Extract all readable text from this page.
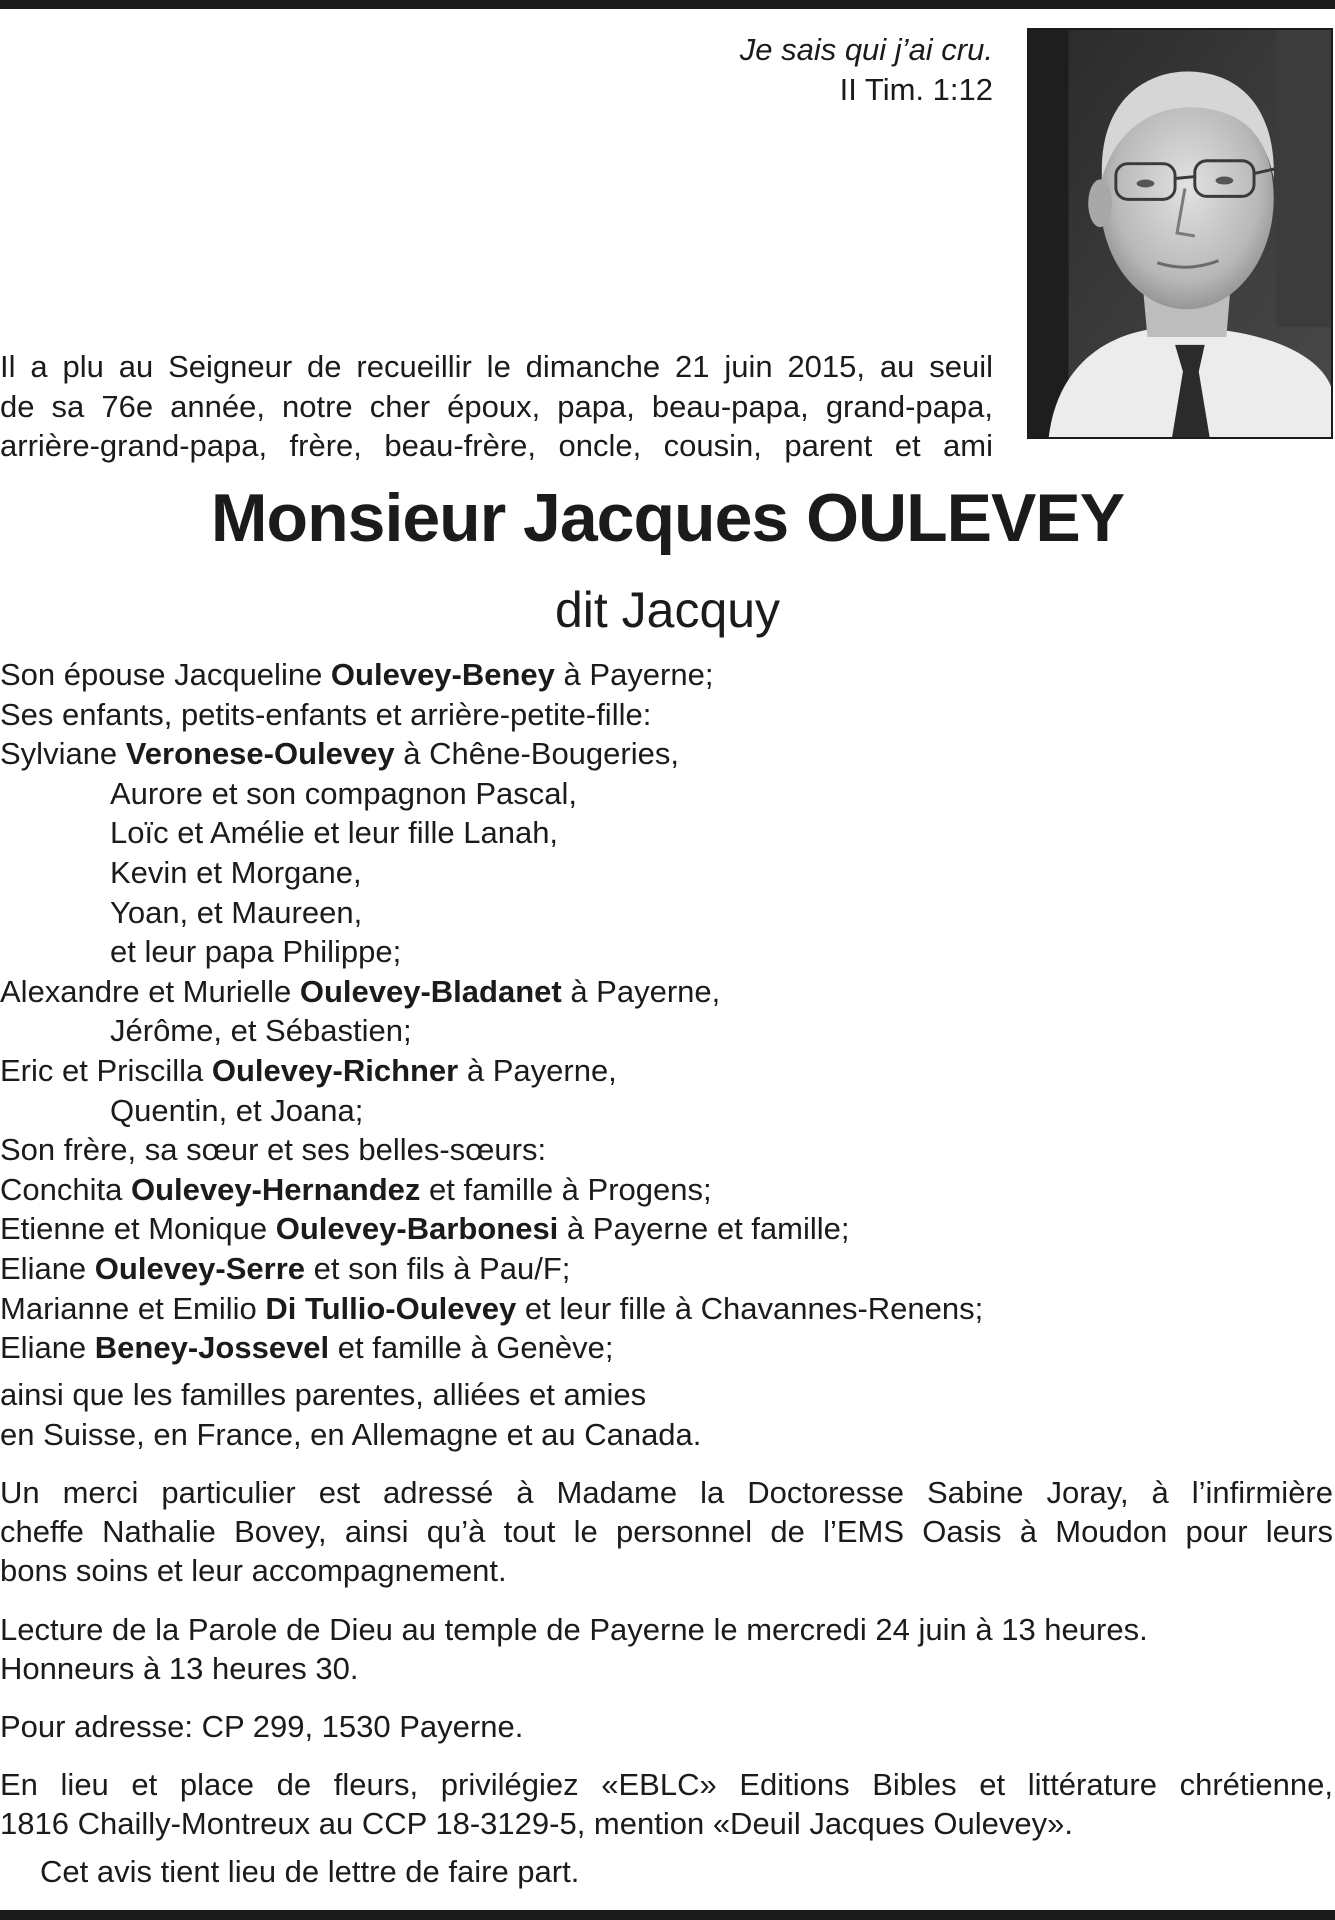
Je sais qui j’ai cru.
II Tim. 1:12
Il a plu au Seigneur de recueillir le dimanche 21 juin 2015, au seuil
de sa 76e année, notre cher époux, papa, beau-papa, grand-papa,
arrière-grand-papa, frère, beau-frère, oncle, cousin, parent et ami
Monsieur Jacques OULEVEY
dit Jacquy
Son épouse Jacqueline Oulevey-Beney à Payerne;
Ses enfants, petits-enfants et arrière-petite-fille:
Sylviane Veronese-Oulevey à Chêne-Bougeries,
Aurore et son compagnon Pascal,
Loïc et Amélie et leur fille Lanah,
Kevin et Morgane,
Yoan, et Maureen,
et leur papa Philippe;
Alexandre et Murielle Oulevey-Bladanet à Payerne,
Jérôme, et Sébastien;
Eric et Priscilla Oulevey-Richner à Payerne,
Quentin, et Joana;
Son frère, sa sœur et ses belles-sœurs:
Conchita Oulevey-Hernandez et famille à Progens;
Etienne et Monique Oulevey-Barbonesi à Payerne et famille;
Eliane Oulevey-Serre et son fils à Pau/F;
Marianne et Emilio Di Tullio-Oulevey et leur fille à Chavannes-Renens;
Eliane Beney-Jossevel et famille à Genève;
ainsi que les familles parentes, alliées et amies
en Suisse, en France, en Allemagne et au Canada.
Un merci particulier est adressé à Madame la Doctoresse Sabine Joray, à l’infirmière
cheffe Nathalie Bovey, ainsi qu’à tout le personnel de l’EMS Oasis à Moudon pour leurs
bons soins et leur accompagnement.
Lecture de la Parole de Dieu au temple de Payerne le mercredi 24 juin à 13 heures.
Honneurs à 13 heures 30.
Pour adresse: CP 299, 1530 Payerne.
En lieu et place de fleurs, privilégiez «EBLC» Editions Bibles et littérature chrétienne,
1816 Chailly-Montreux au CCP 18-3129-5, mention «Deuil Jacques Oulevey».
Cet avis tient lieu de lettre de faire part.
